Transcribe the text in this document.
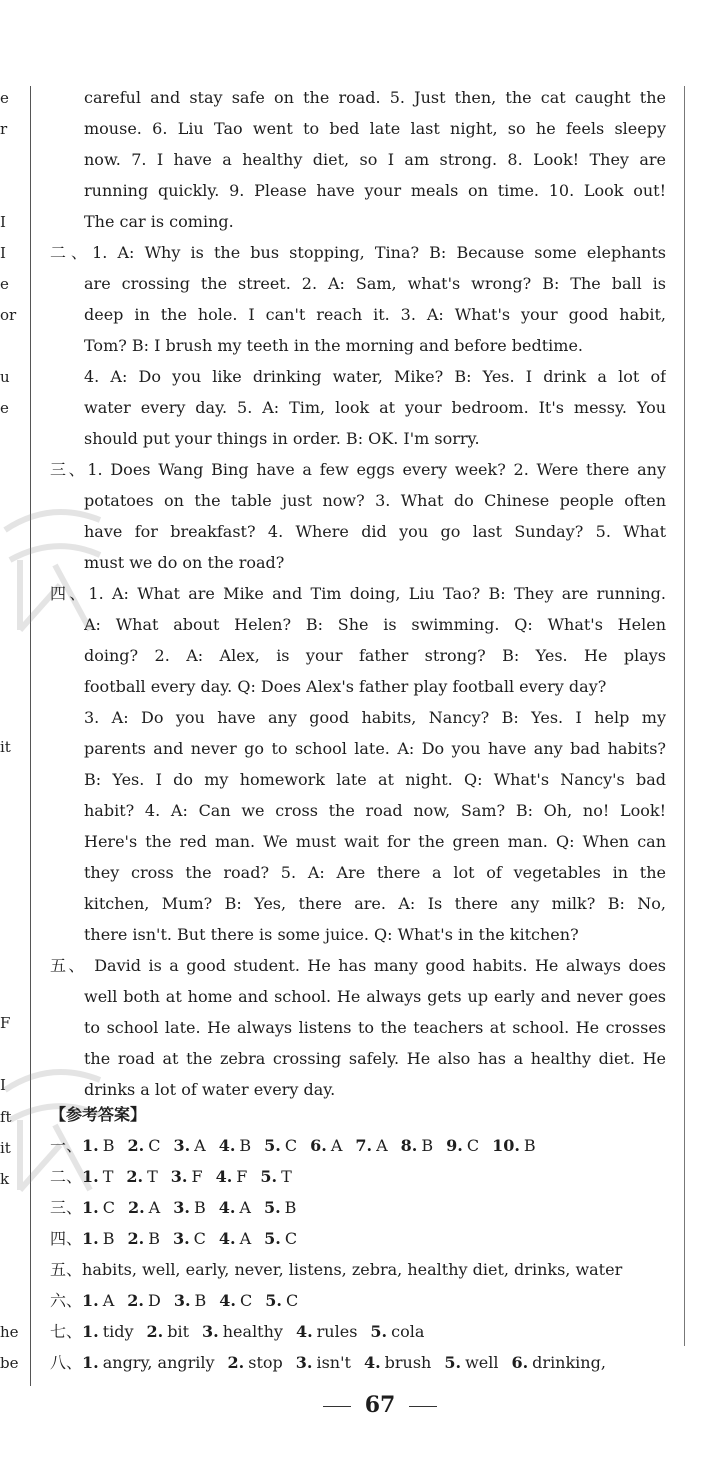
e
r
I
I
e
or
u
e
it
F
I
ft
it
k
he
be
careful and stay safe on the road. 5. Just then, the cat caught the
mouse. 6. Liu Tao went to bed late last night, so he feels sleepy
now. 7. I have a healthy diet, so I am strong. 8. Look! They are
running quickly. 9. Please have your meals on time. 10. Look out!
The car is coming.
二、1. A: Why is the bus stopping, Tina? B: Because some elephants
are crossing the street. 2. A: Sam, what's wrong? B: The ball is
deep in the hole. I can't reach it. 3. A: What's your good habit,
Tom? B: I brush my teeth in the morning and before bedtime.
4. A: Do you like drinking water, Mike? B: Yes. I drink a lot of
water every day. 5. A: Tim, look at your bedroom. It's messy. You
should put your things in order. B: OK. I'm sorry.
三、1. Does Wang Bing have a few eggs every week? 2. Were there any
potatoes on the table just now? 3. What do Chinese people often
have for breakfast? 4. Where did you go last Sunday? 5. What
must we do on the road?
四、1. A: What are Mike and Tim doing, Liu Tao? B: They are running.
A: What about Helen? B: She is swimming. Q: What's Helen
doing? 2. A: Alex, is your father strong? B: Yes. He plays
football every day. Q: Does Alex's father play football every day?
3. A: Do you have any good habits, Nancy? B: Yes. I help my
parents and never go to school late. A: Do you have any bad habits?
B: Yes. I do my homework late at night. Q: What's Nancy's bad
habit? 4. A: Can we cross the road now, Sam? B: Oh, no! Look!
Here's the red man. We must wait for the green man. Q: When can
they cross the road? 5. A: Are there a lot of vegetables in the
kitchen, Mum? B: Yes, there are. A: Is there any milk? B: No,
there isn't. But there is some juice. Q: What's in the kitchen?
五、 David is a good student. He has many good habits. He always does
well both at home and school. He always gets up early and never goes
to school late. He always listens to the teachers at school. He crosses
the road at the zebra crossing safely. He also has a healthy diet. He
drinks a lot of water every day.
【参考答案】
一、1. B 2. C 3. A 4. B 5. C 6. A 7. A 8. B 9. C 10. B
二、1. T 2. T 3. F 4. F 5. T
三、1. C 2. A 3. B 4. A 5. B
四、1. B 2. B 3. C 4. A 5. C
五、habits, well, early, never, listens, zebra, healthy diet, drinks, water
六、1. A 2. D 3. B 4. C 5. C
七、1. tidy 2. bit 3. healthy 4. rules 5. cola
八、1. angry, angrily 2. stop 3. isn't 4. brush 5. well 6. drinking,
67
